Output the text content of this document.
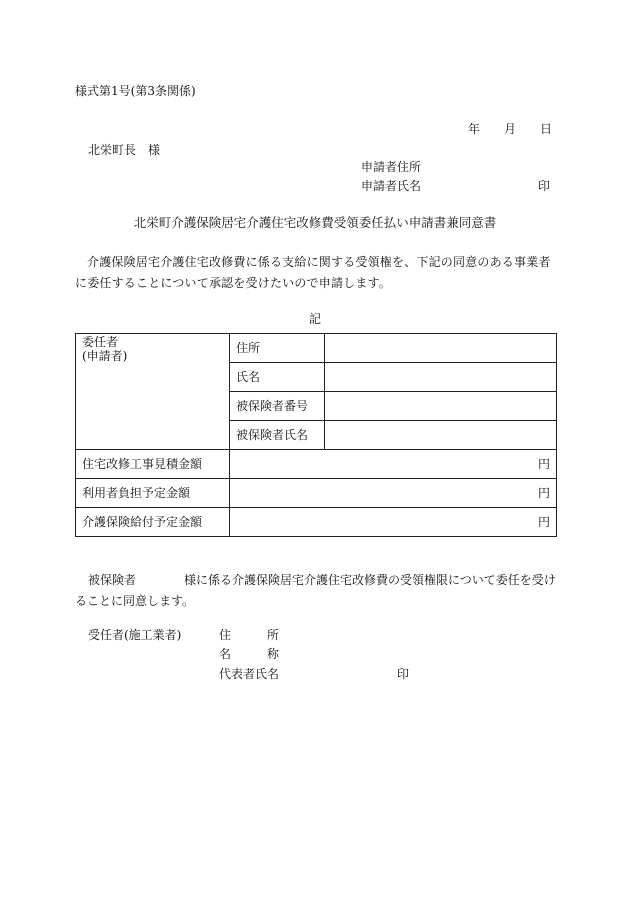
様式第1号(第3条関係)
年 月 日
北栄町長　様
申請者住所
申請者氏名	印
北栄町介護保険居宅介護住宅改修費受領委任払い申請書兼同意書
介護保険居宅介護住宅改修費に係る支給に関する受領権を、下記の同意のある事業者に委任することについて承認を受けたいので申請します。
記
委任者
(申請者)	住所	
	氏名	
	被保険者番号	
	被保険者氏名	
住宅改修工事見積金額	円	
利用者負担予定金額	円	
介護保険給付予定金額	円	
被保険者	様に係る介護保険居宅介護住宅改修費の受領権限について委任を受けることに同意します。
受任者(施工業者)	住　　　所
名　　　称
代表者氏名	印
